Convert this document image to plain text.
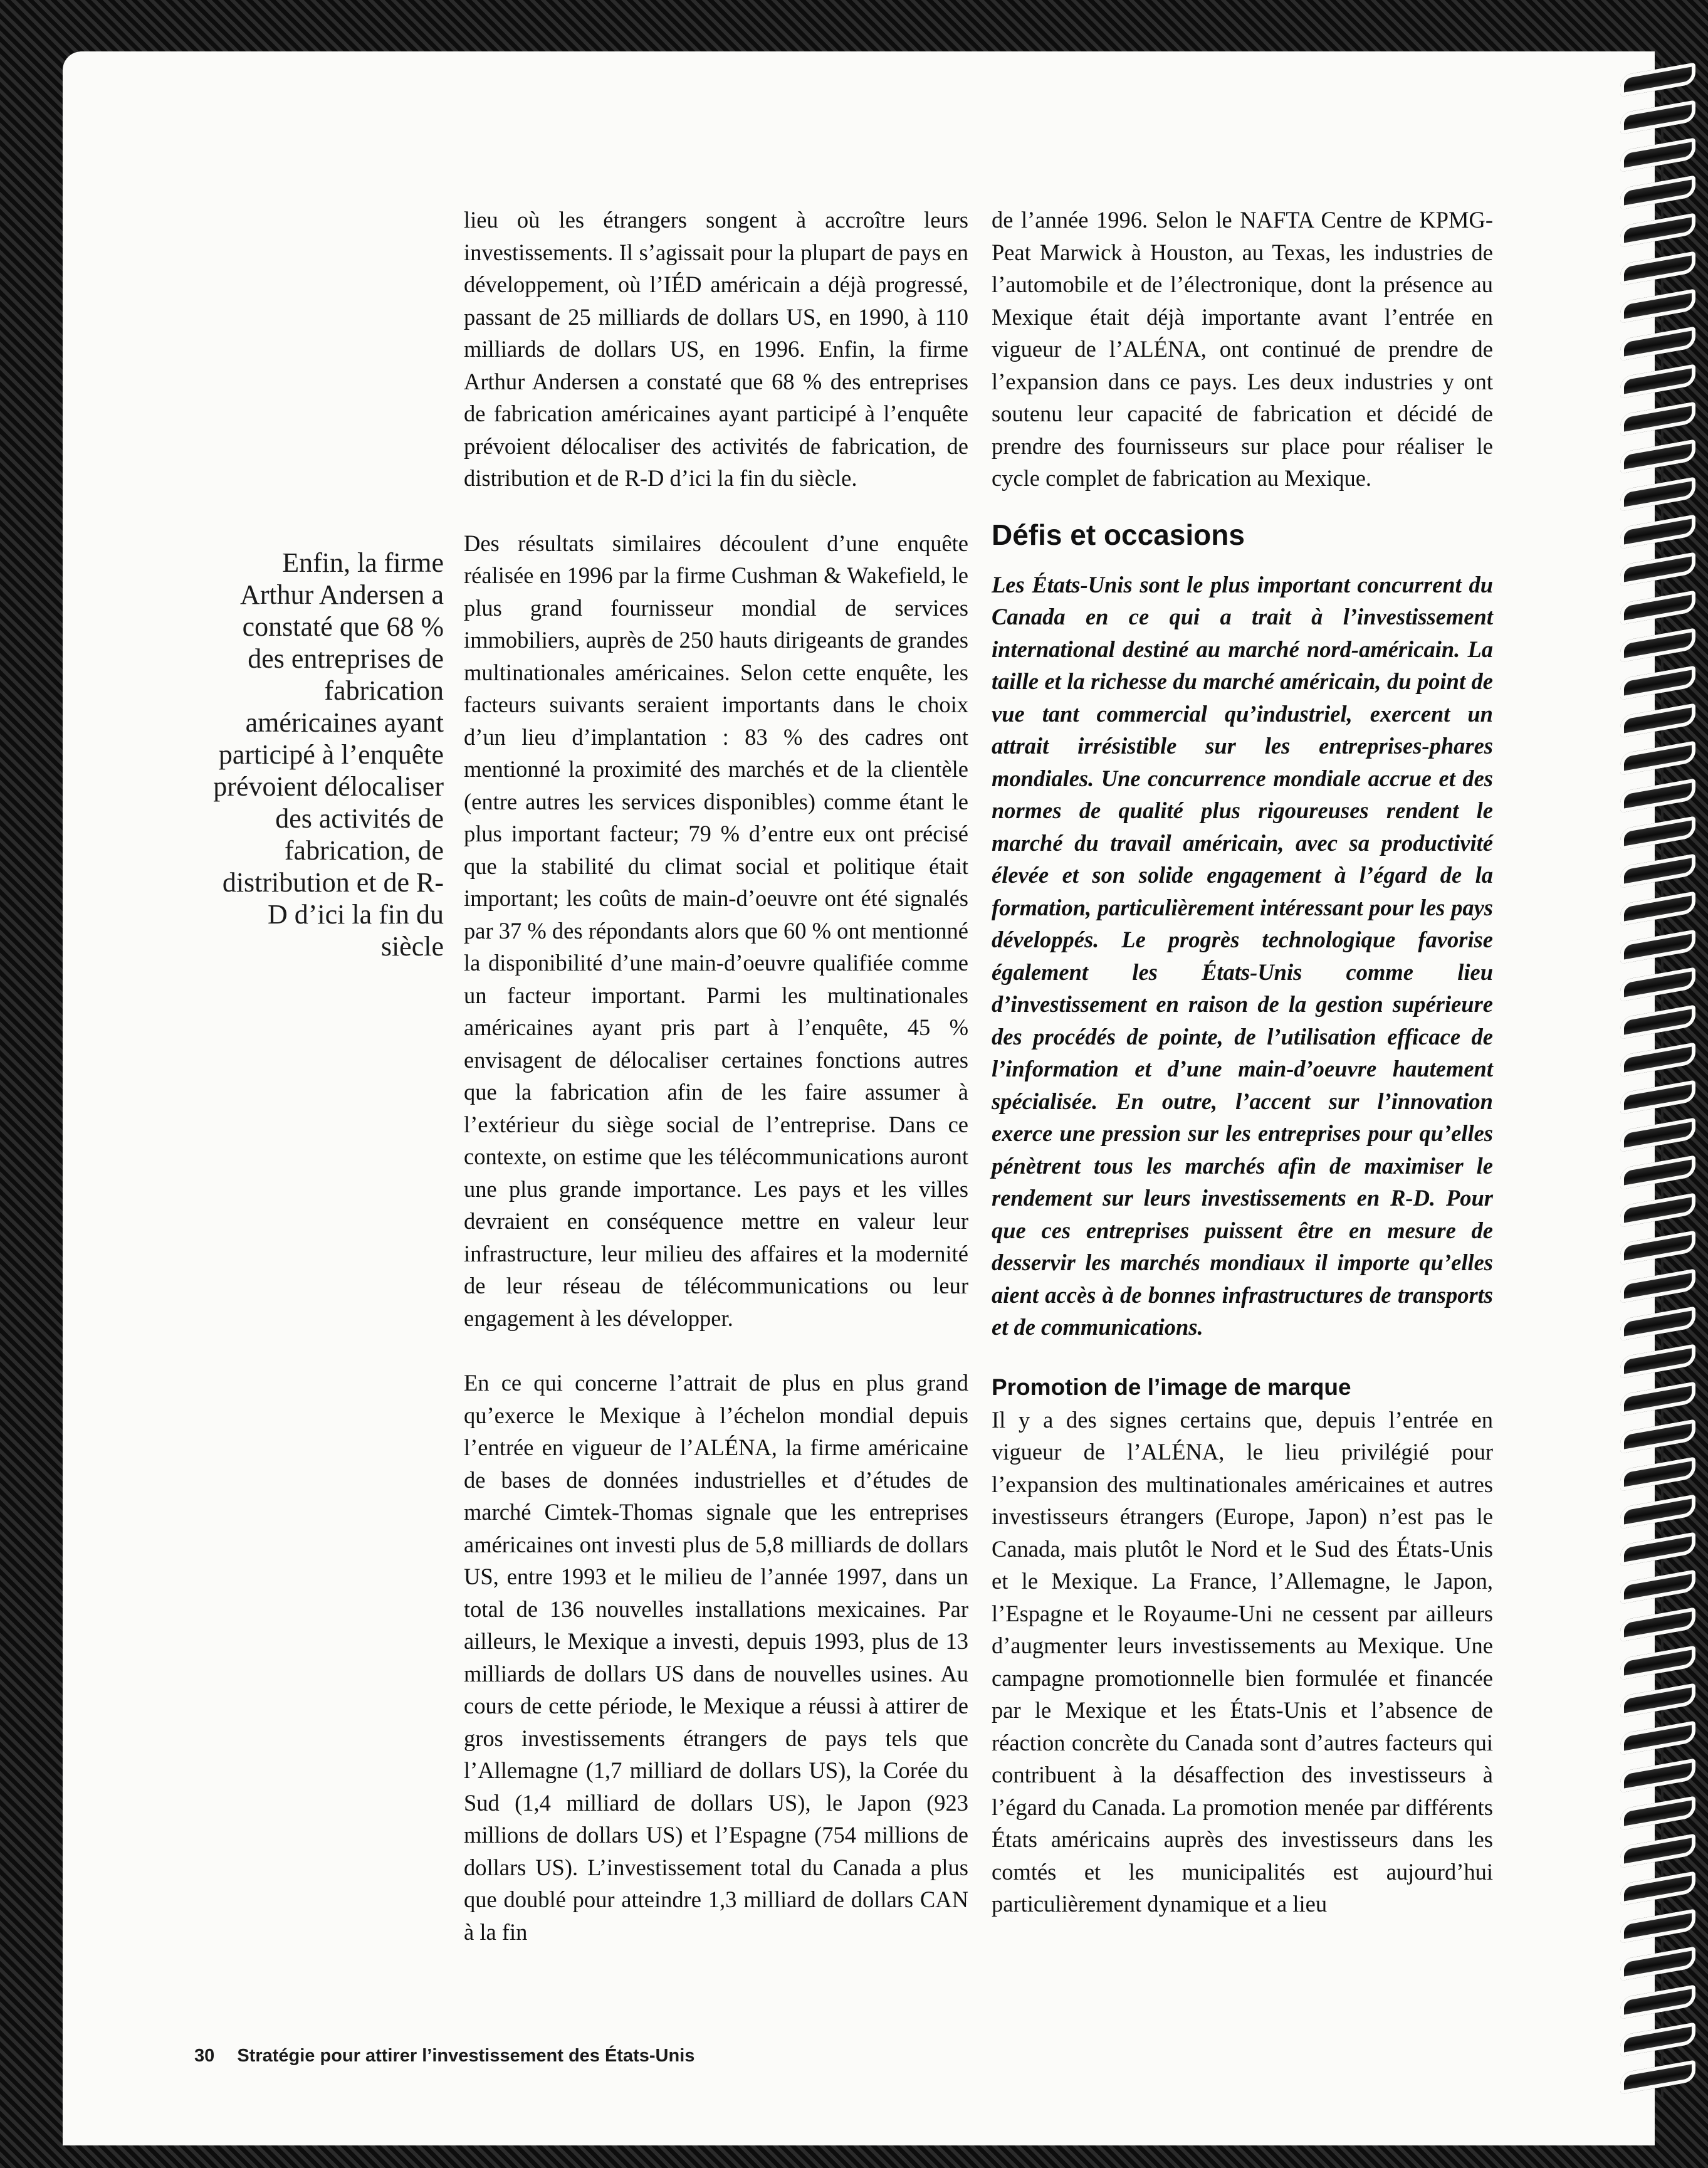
Enfin, la firme Arthur Andersen a constaté que 68 % des entreprises de fabrication américaines ayant participé à l’enquête prévoient délocaliser des activités de fabrication, de distribution et de R-D d’ici la fin du siècle

lieu où les étrangers songent à accroître leurs investissements. Il s’agissait pour la plupart de pays en développement, où l’IÉD américain a déjà progressé, passant de 25 milliards de dollars US, en 1990, à 110 milliards de dollars US, en 1996. Enfin, la firme Arthur Andersen a constaté que 68 % des entreprises de fabrication américaines ayant participé à l’enquête prévoient délocaliser des activités de fabrication, de distribution et de R-D d’ici la fin du siècle.

Des résultats similaires découlent d’une enquête réalisée en 1996 par la firme Cushman & Wakefield, le plus grand fournisseur mondial de services immobiliers, auprès de 250 hauts dirigeants de grandes multinationales américaines. Selon cette enquête, les facteurs suivants seraient importants dans le choix d’un lieu d’implantation : 83 % des cadres ont mentionné la proximité des marchés et de la clientèle (entre autres les services disponibles) comme étant le plus important facteur; 79 % d’entre eux ont précisé que la stabilité du climat social et politique était important; les coûts de main-d’oeuvre ont été signalés par 37 % des répondants alors que 60 % ont mentionné la disponibilité d’une main-d’oeuvre qualifiée comme un facteur important. Parmi les multinationales américaines ayant pris part à l’enquête, 45 % envisagent de délocaliser certaines fonctions autres que la fabrication afin de les faire assumer à l’extérieur du siège social de l’entreprise. Dans ce contexte, on estime que les télécommunications auront une plus grande importance. Les pays et les villes devraient en conséquence mettre en valeur leur infrastructure, leur milieu des affaires et la modernité de leur réseau de télécommunications ou leur engagement à les développer.

En ce qui concerne l’attrait de plus en plus grand qu’exerce le Mexique à l’échelon mondial depuis l’entrée en vigueur de l’ALÉNA, la firme américaine de bases de données industrielles et d’études de marché Cimtek-Thomas signale que les entreprises américaines ont investi plus de 5,8 milliards de dollars US, entre 1993 et le milieu de l’année 1997, dans un total de 136 nouvelles installations mexicaines. Par ailleurs, le Mexique a investi, depuis 1993, plus de 13 milliards de dollars US dans de nouvelles usines. Au cours de cette période, le Mexique a réussi à attirer de gros investissements étrangers de pays tels que l’Allemagne (1,7 milliard de dollars US), la Corée du Sud (1,4 milliard de dollars US), le Japon (923 millions de dollars US) et l’Espagne (754 millions de dollars US). L’investissement total du Canada a plus que doublé pour atteindre 1,3 milliard de dollars CAN à la fin

de l’année 1996. Selon le NAFTA Centre de KPMG-Peat Marwick à Houston, au Texas, les industries de l’automobile et de l’électronique, dont la présence au Mexique était déjà importante avant l’entrée en vigueur de l’ALÉNA, ont continué de prendre de l’expansion dans ce pays. Les deux industries y ont soutenu leur capacité de fabrication et décidé de prendre des fournisseurs sur place pour réaliser le cycle complet de fabrication au Mexique.

Défis et occasions

Les États-Unis sont le plus important concurrent du Canada en ce qui a trait à l’investissement international destiné au marché nord-américain. La taille et la richesse du marché américain, du point de vue tant commercial qu’industriel, exercent un attrait irrésistible sur les entreprises-phares mondiales. Une concurrence mondiale accrue et des normes de qualité plus rigoureuses rendent le marché du travail américain, avec sa productivité élevée et son solide engagement à l’égard de la formation, particulièrement intéressant pour les pays développés. Le progrès technologique favorise également les États-Unis comme lieu d’investissement en raison de la gestion supérieure des procédés de pointe, de l’utilisation efficace de l’information et d’une main-d’oeuvre hautement spécialisée. En outre, l’accent sur l’innovation exerce une pression sur les entreprises pour qu’elles pénètrent tous les marchés afin de maximiser le rendement sur leurs investissements en R-D. Pour que ces entreprises puissent être en mesure de desservir les marchés mondiaux il importe qu’elles aient accès à de bonnes infrastructures de transports et de communications.

Promotion de l’image de marque

Il y a des signes certains que, depuis l’entrée en vigueur de l’ALÉNA, le lieu privilégié pour l’expansion des multinationales américaines et autres investisseurs étrangers (Europe, Japon) n’est pas le Canada, mais plutôt le Nord et le Sud des États-Unis et le Mexique. La France, l’Allemagne, le Japon, l’Espagne et le Royaume-Uni ne cessent par ailleurs d’augmenter leurs investissements au Mexique. Une campagne promotionnelle bien formulée et financée par le Mexique et les États-Unis et l’absence de réaction concrète du Canada sont d’autres facteurs qui contribuent à la désaffection des investisseurs à l’égard du Canada. La promotion menée par différents États américains auprès des investisseurs dans les comtés et les municipalités est aujourd’hui particulièrement dynamique et a lieu

30 Stratégie pour attirer l’investissement des États-Unis
